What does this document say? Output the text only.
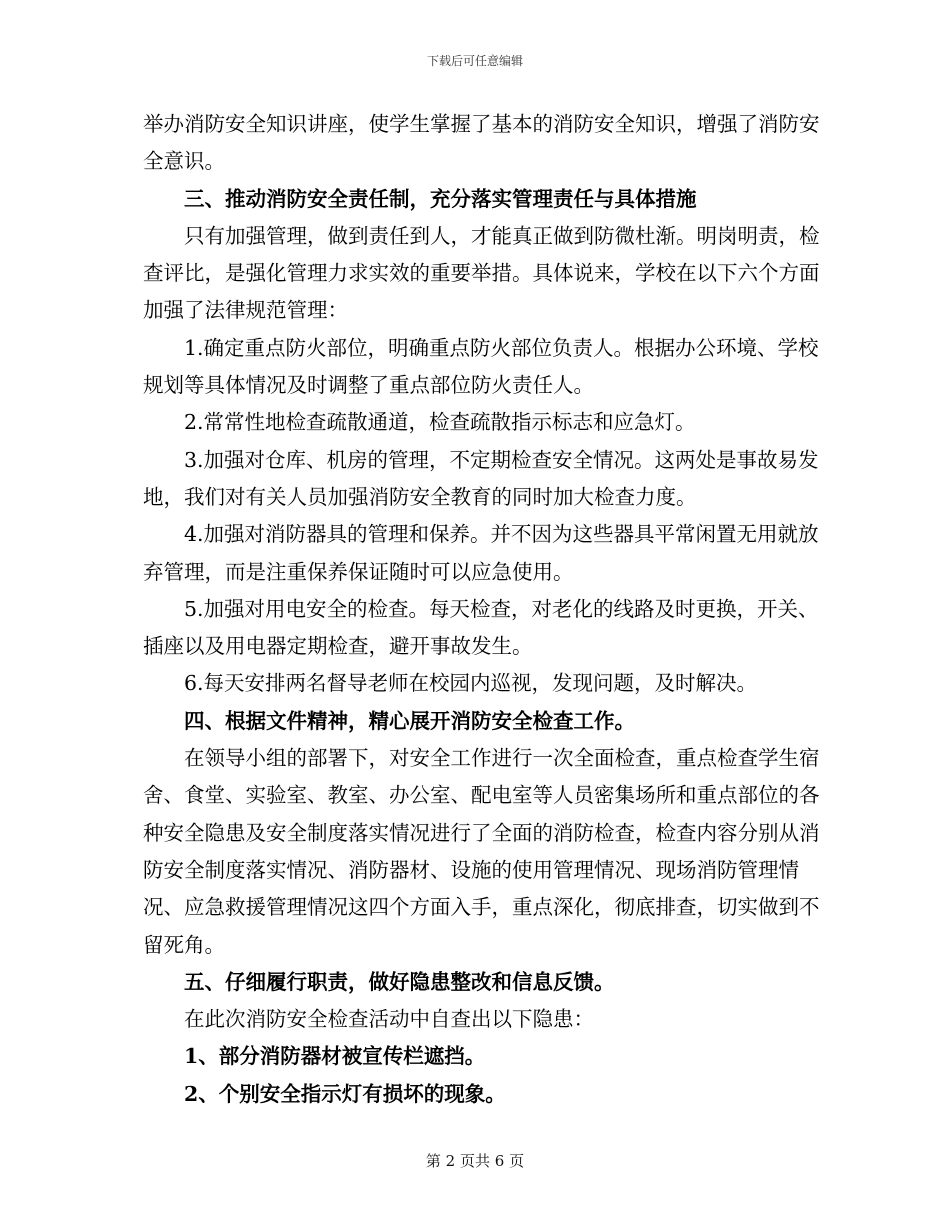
下载后可任意编辑

举办消防安全知识讲座，使学生掌握了基本的消防安全知识，增强了消防安全意识。

三、推动消防安全责任制，充分落实管理责任与具体措施

只有加强管理，做到责任到人，才能真正做到防微杜渐。明岗明责，检查评比，是强化管理力求实效的重要举措。具体说来，学校在以下六个方面加强了法律规范管理：

1.确定重点防火部位，明确重点防火部位负责人。根据办公环境、学校规划等具体情况及时调整了重点部位防火责任人。

2.常常性地检查疏散通道，检查疏散指示标志和应急灯。

3.加强对仓库、机房的管理，不定期检查安全情况。这两处是事故易发地，我们对有关人员加强消防安全教育的同时加大检查力度。

4.加强对消防器具的管理和保养。并不因为这些器具平常闲置无用就放弃管理，而是注重保养保证随时可以应急使用。

5.加强对用电安全的检查。每天检查，对老化的线路及时更换，开关、插座以及用电器定期检查，避开事故发生。

6.每天安排两名督导老师在校园内巡视，发现问题，及时解决。

四、根据文件精神，精心展开消防安全检查工作。

在领导小组的部署下，对安全工作进行一次全面检查，重点检查学生宿舍、食堂、实验室、教室、办公室、配电室等人员密集场所和重点部位的各种安全隐患及安全制度落实情况进行了全面的消防检查，检查内容分别从消防安全制度落实情况、消防器材、设施的使用管理情况、现场消防管理情况、应急救援管理情况这四个方面入手，重点深化，彻底排查，切实做到不留死角。

五、仔细履行职责，做好隐患整改和信息反馈。

在此次消防安全检查活动中自查出以下隐患：

1、部分消防器材被宣传栏遮挡。

2、个别安全指示灯有损坏的现象。

第 2 页共 6 页
